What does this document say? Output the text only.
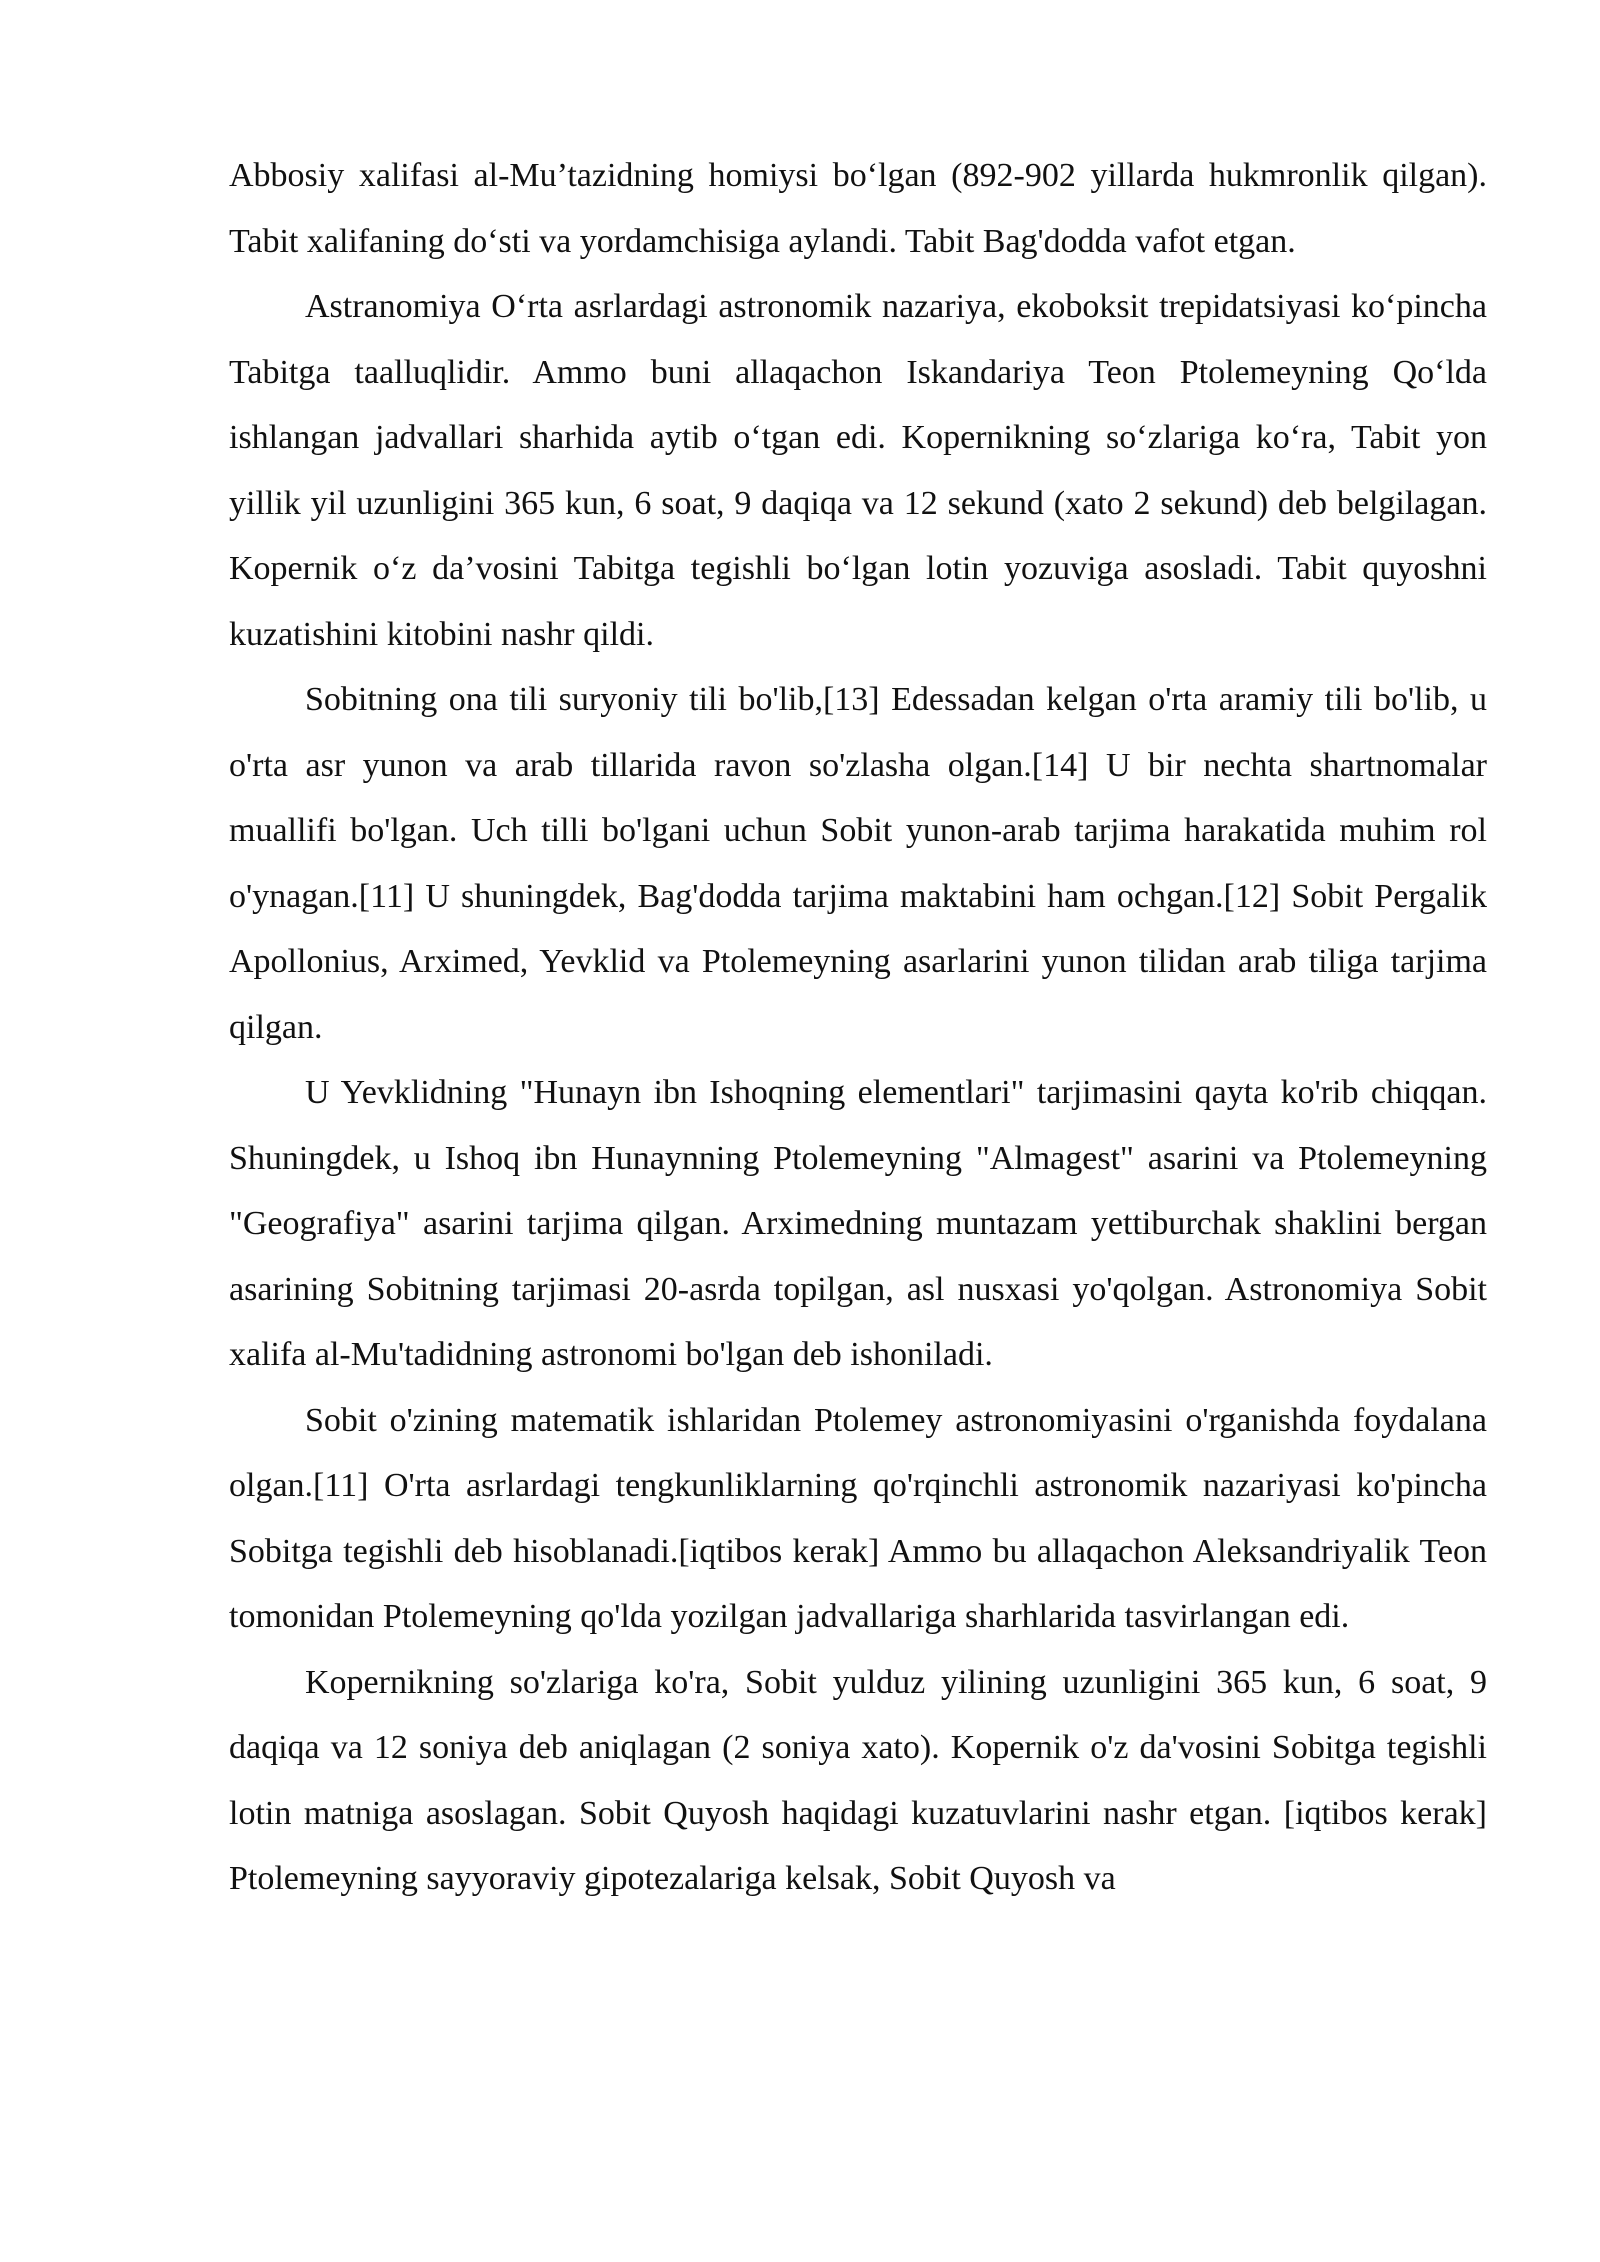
Abbosiy xalifasi al-Mu’tazidning homiysi bo‘lgan (892-902 yillarda hukmronlik qilgan). Tabit xalifaning do‘sti va yordamchisiga aylandi. Tabit Bag'dodda vafot etgan.

Astranomiya O‘rta asrlardagi astronomik nazariya, ekoboksit trepidatsiyasi ko‘pincha Tabitga taalluqlidir. Ammo buni allaqachon Iskandariya Teon Ptolemeyning Qo‘lda ishlangan jadvallari sharhida aytib o‘tgan edi. Kopernikning so‘zlariga ko‘ra, Tabit yon yillik yil uzunligini 365 kun, 6 soat, 9 daqiqa va 12 sekund (xato 2 sekund) deb belgilagan. Kopernik o‘z da’vosini Tabitga tegishli bo‘lgan lotin yozuviga asosladi. Tabit quyoshni kuzatishini kitobini nashr qildi.

Sobitning ona tili suryoniy tili bo'lib,[13] Edessadan kelgan o'rta aramiy tili bo'lib, u o'rta asr yunon va arab tillarida ravon so'zlasha olgan.[14] U bir nechta shartnomalar muallifi bo'lgan. Uch tilli bo'lgani uchun Sobit yunon-arab tarjima harakatida muhim rol o'ynagan.[11] U shuningdek, Bag'dodda tarjima maktabini ham ochgan.[12] Sobit Pergalik Apollonius, Arximed, Yevklid va Ptolemeyning asarlarini yunon tilidan arab tiliga tarjima qilgan.

U Yevklidning "Hunayn ibn Ishoqning elementlari" tarjimasini qayta ko'rib chiqqan. Shuningdek, u Ishoq ibn Hunaynning Ptolemeyning "Almagest" asarini va Ptolemeyning "Geografiya" asarini tarjima qilgan. Arximedning muntazam yettiburchak shaklini bergan asarining Sobitning tarjimasi 20-asrda topilgan, asl nusxasi yo'qolgan. Astronomiya Sobit xalifa al-Mu'tadidning astronomi bo'lgan deb ishoniladi.

Sobit o'zining matematik ishlaridan Ptolemey astronomiyasini o'rganishda foydalana olgan.[11] O'rta asrlardagi tengkunliklarning qo'rqinchli astronomik nazariyasi ko'pincha Sobitga tegishli deb hisoblanadi.[iqtibos kerak] Ammo bu allaqachon Aleksandriyalik Teon tomonidan Ptolemeyning qo'lda yozilgan jadvallariga sharhlarida tasvirlangan edi.

Kopernikning so'zlariga ko'ra, Sobit yulduz yilining uzunligini 365 kun, 6 soat, 9 daqiqa va 12 soniya deb aniqlagan (2 soniya xato). Kopernik o'z da'vosini Sobitga tegishli lotin matniga asoslagan. Sobit Quyosh haqidagi kuzatuvlarini nashr etgan. [iqtibos kerak] Ptolemeyning sayyoraviy gipotezalariga kelsak, Sobit Quyosh va
